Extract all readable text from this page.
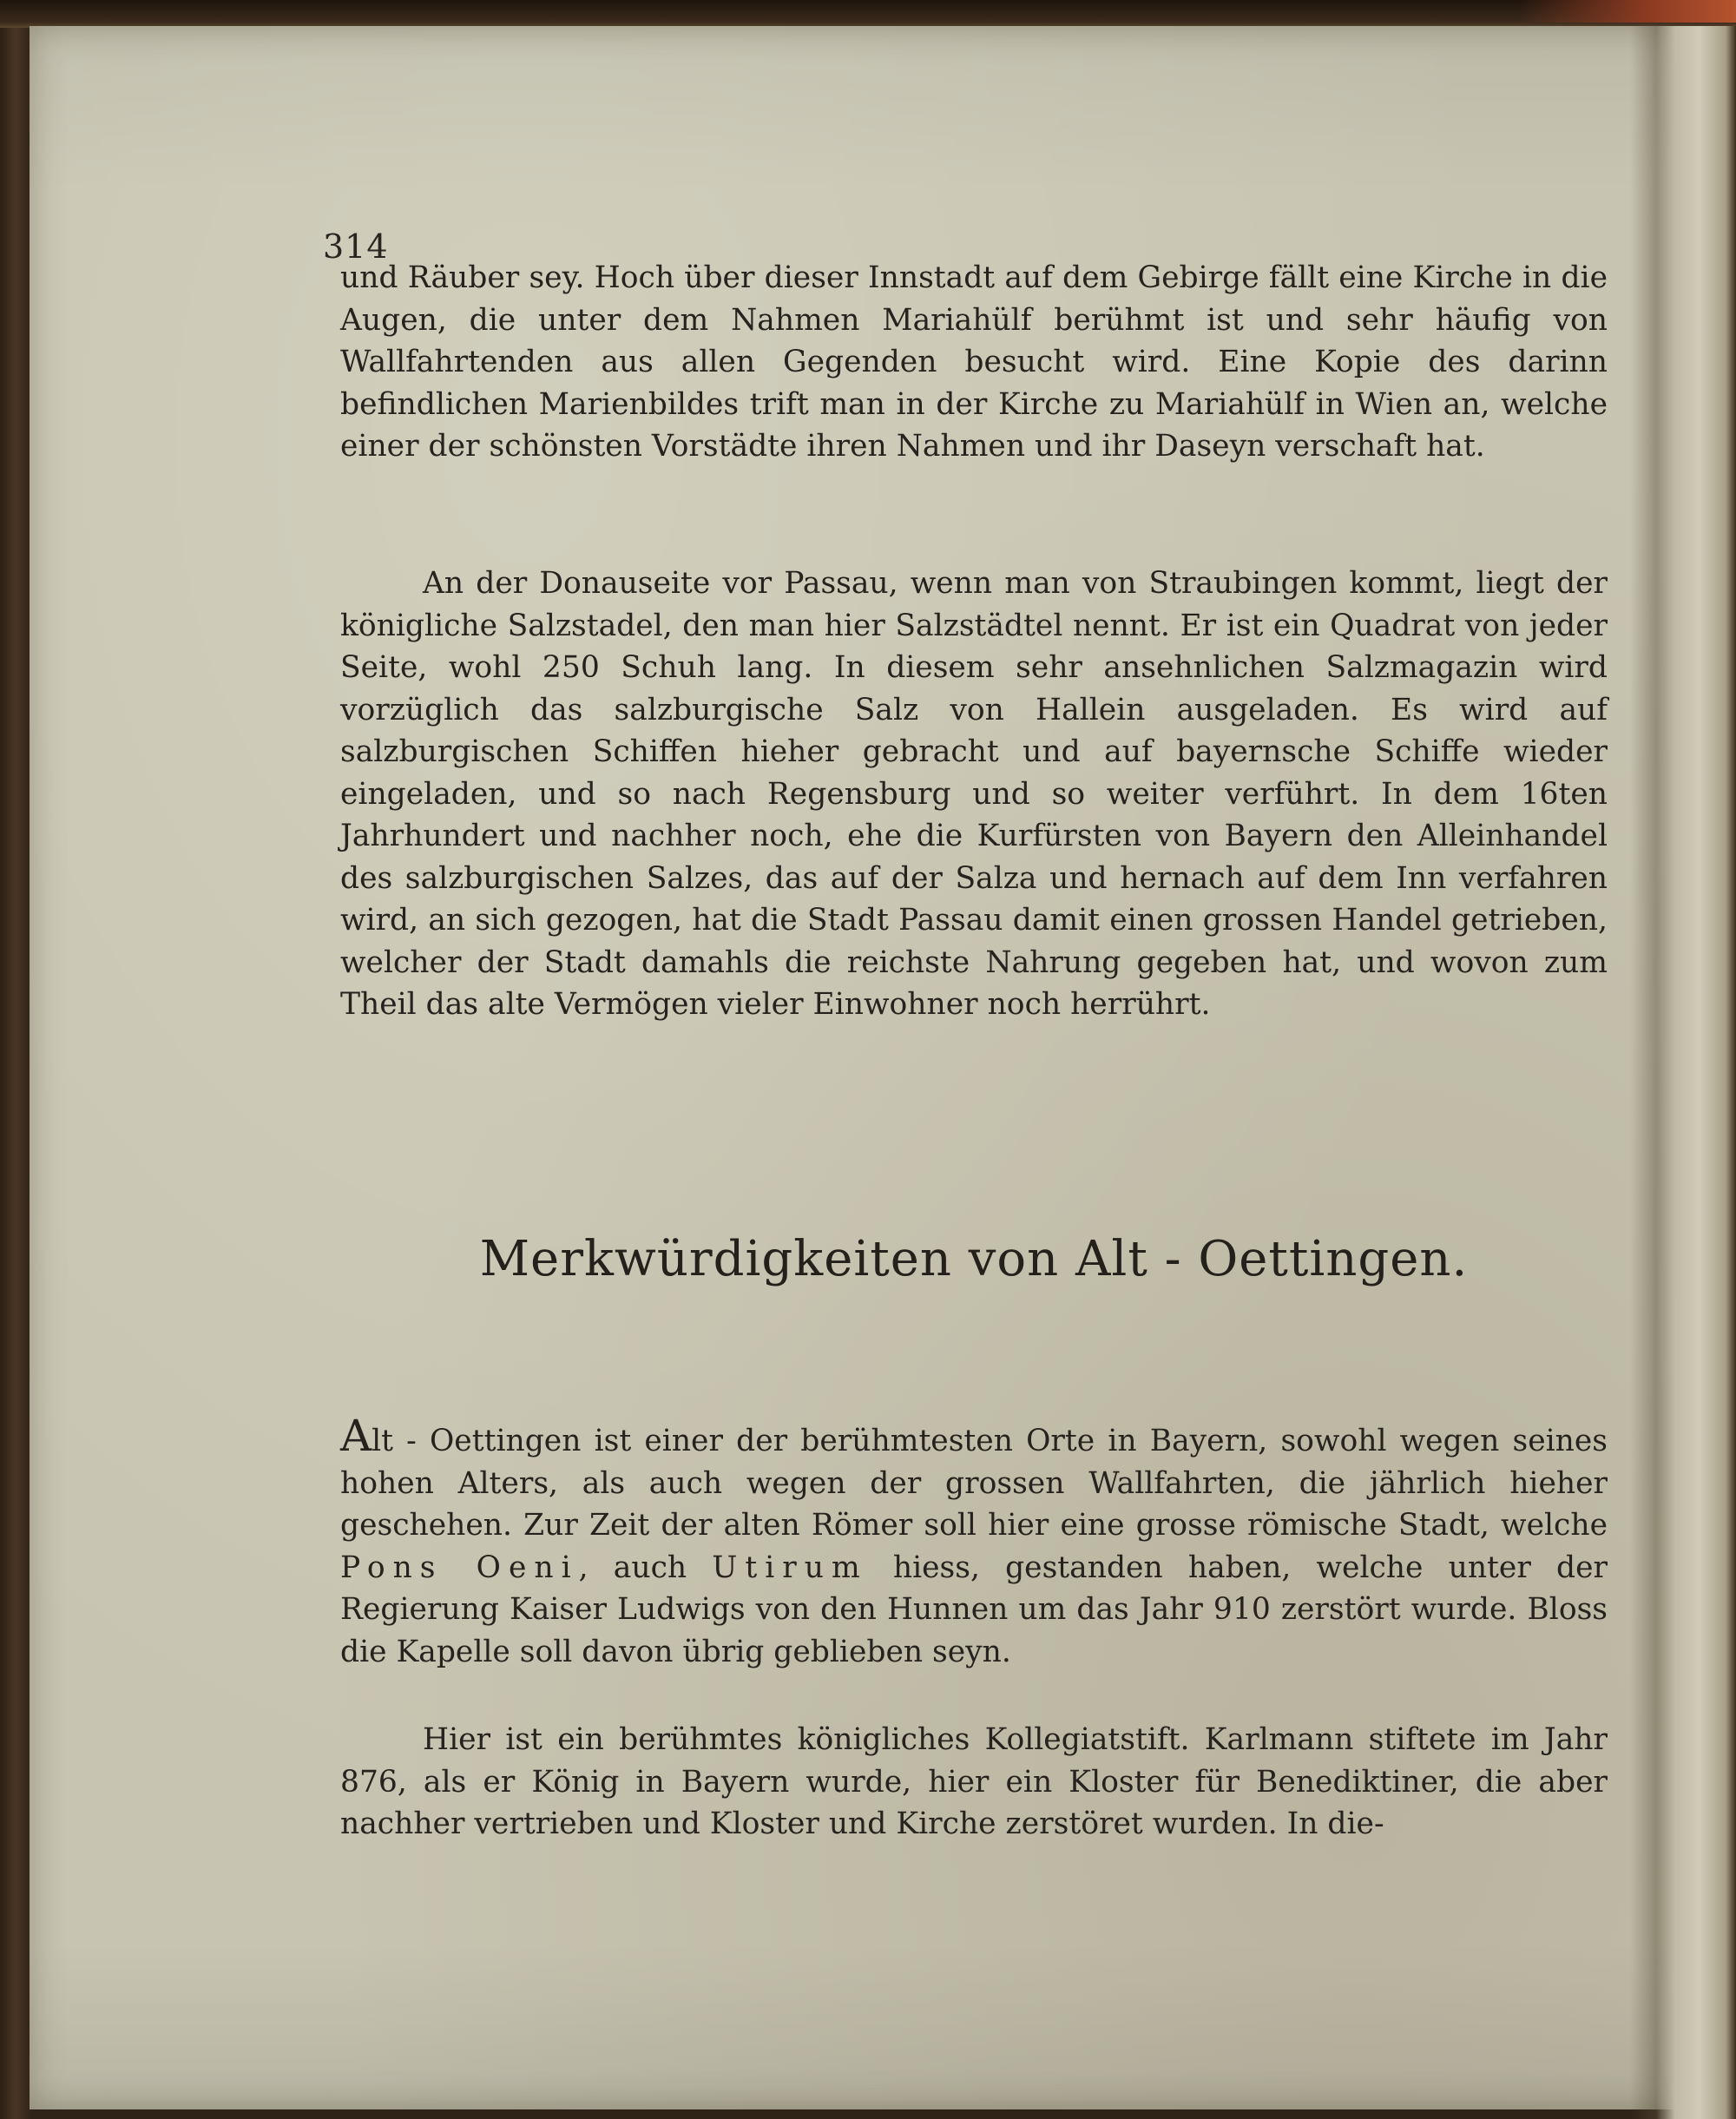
314

und Räuber sey. Hoch über dieser Innstadt auf dem Gebirge fällt eine Kirche in die Augen, die unter dem Nahmen Mariahülf berühmt ist und sehr häufig von Wallfahrtenden aus allen Gegenden besucht wird. Eine Kopie des darinn befindlichen Marienbildes trift man in der Kirche zu Mariahülf in Wien an, welche einer der schönsten Vorstädte ihren Nahmen und ihr Daseyn verschaft hat.

An der Donauseite vor Passau, wenn man von Straubingen kommt, liegt der königliche Salzstadel, den man hier Salzstädtel nennt. Er ist ein Quadrat von jeder Seite, wohl 250 Schuh lang. In diesem sehr ansehnlichen Salzmagazin wird vorzüglich das salzburgische Salz von Hallein ausgeladen. Es wird auf salzburgischen Schiffen hieher gebracht und auf bayernsche Schiffe wieder eingeladen, und so nach Regensburg und so weiter verführt. In dem 16ten Jahrhundert und nachher noch, ehe die Kurfürsten von Bayern den Alleinhandel des salzburgischen Salzes, das auf der Salza und hernach auf dem Inn verfahren wird, an sich gezogen, hat die Stadt Passau damit einen grossen Handel getrieben, welcher der Stadt damahls die reichste Nahrung gegeben hat, und wovon zum Theil das alte Vermögen vieler Einwohner noch herrührt.

Merkwürdigkeiten von Alt - Oettingen.

Alt - Oettingen ist einer der berühmtesten Orte in Bayern, sowohl wegen seines hohen Alters, als auch wegen der grossen Wallfahrten, die jährlich hieher geschehen. Zur Zeit der alten Römer soll hier eine grosse römische Stadt, welche Pons Oeni, auch Utirum hiess, gestanden haben, welche unter der Regierung Kaiser Ludwigs von den Hunnen um das Jahr 910 zerstört wurde. Bloss die Kapelle soll davon übrig geblieben seyn.

Hier ist ein berühmtes königliches Kollegiatstift. Karlmann stiftete im Jahr 876, als er König in Bayern wurde, hier ein Kloster für Benediktiner, die aber nachher vertrieben und Kloster und Kirche zerstöret wurden. In die-
